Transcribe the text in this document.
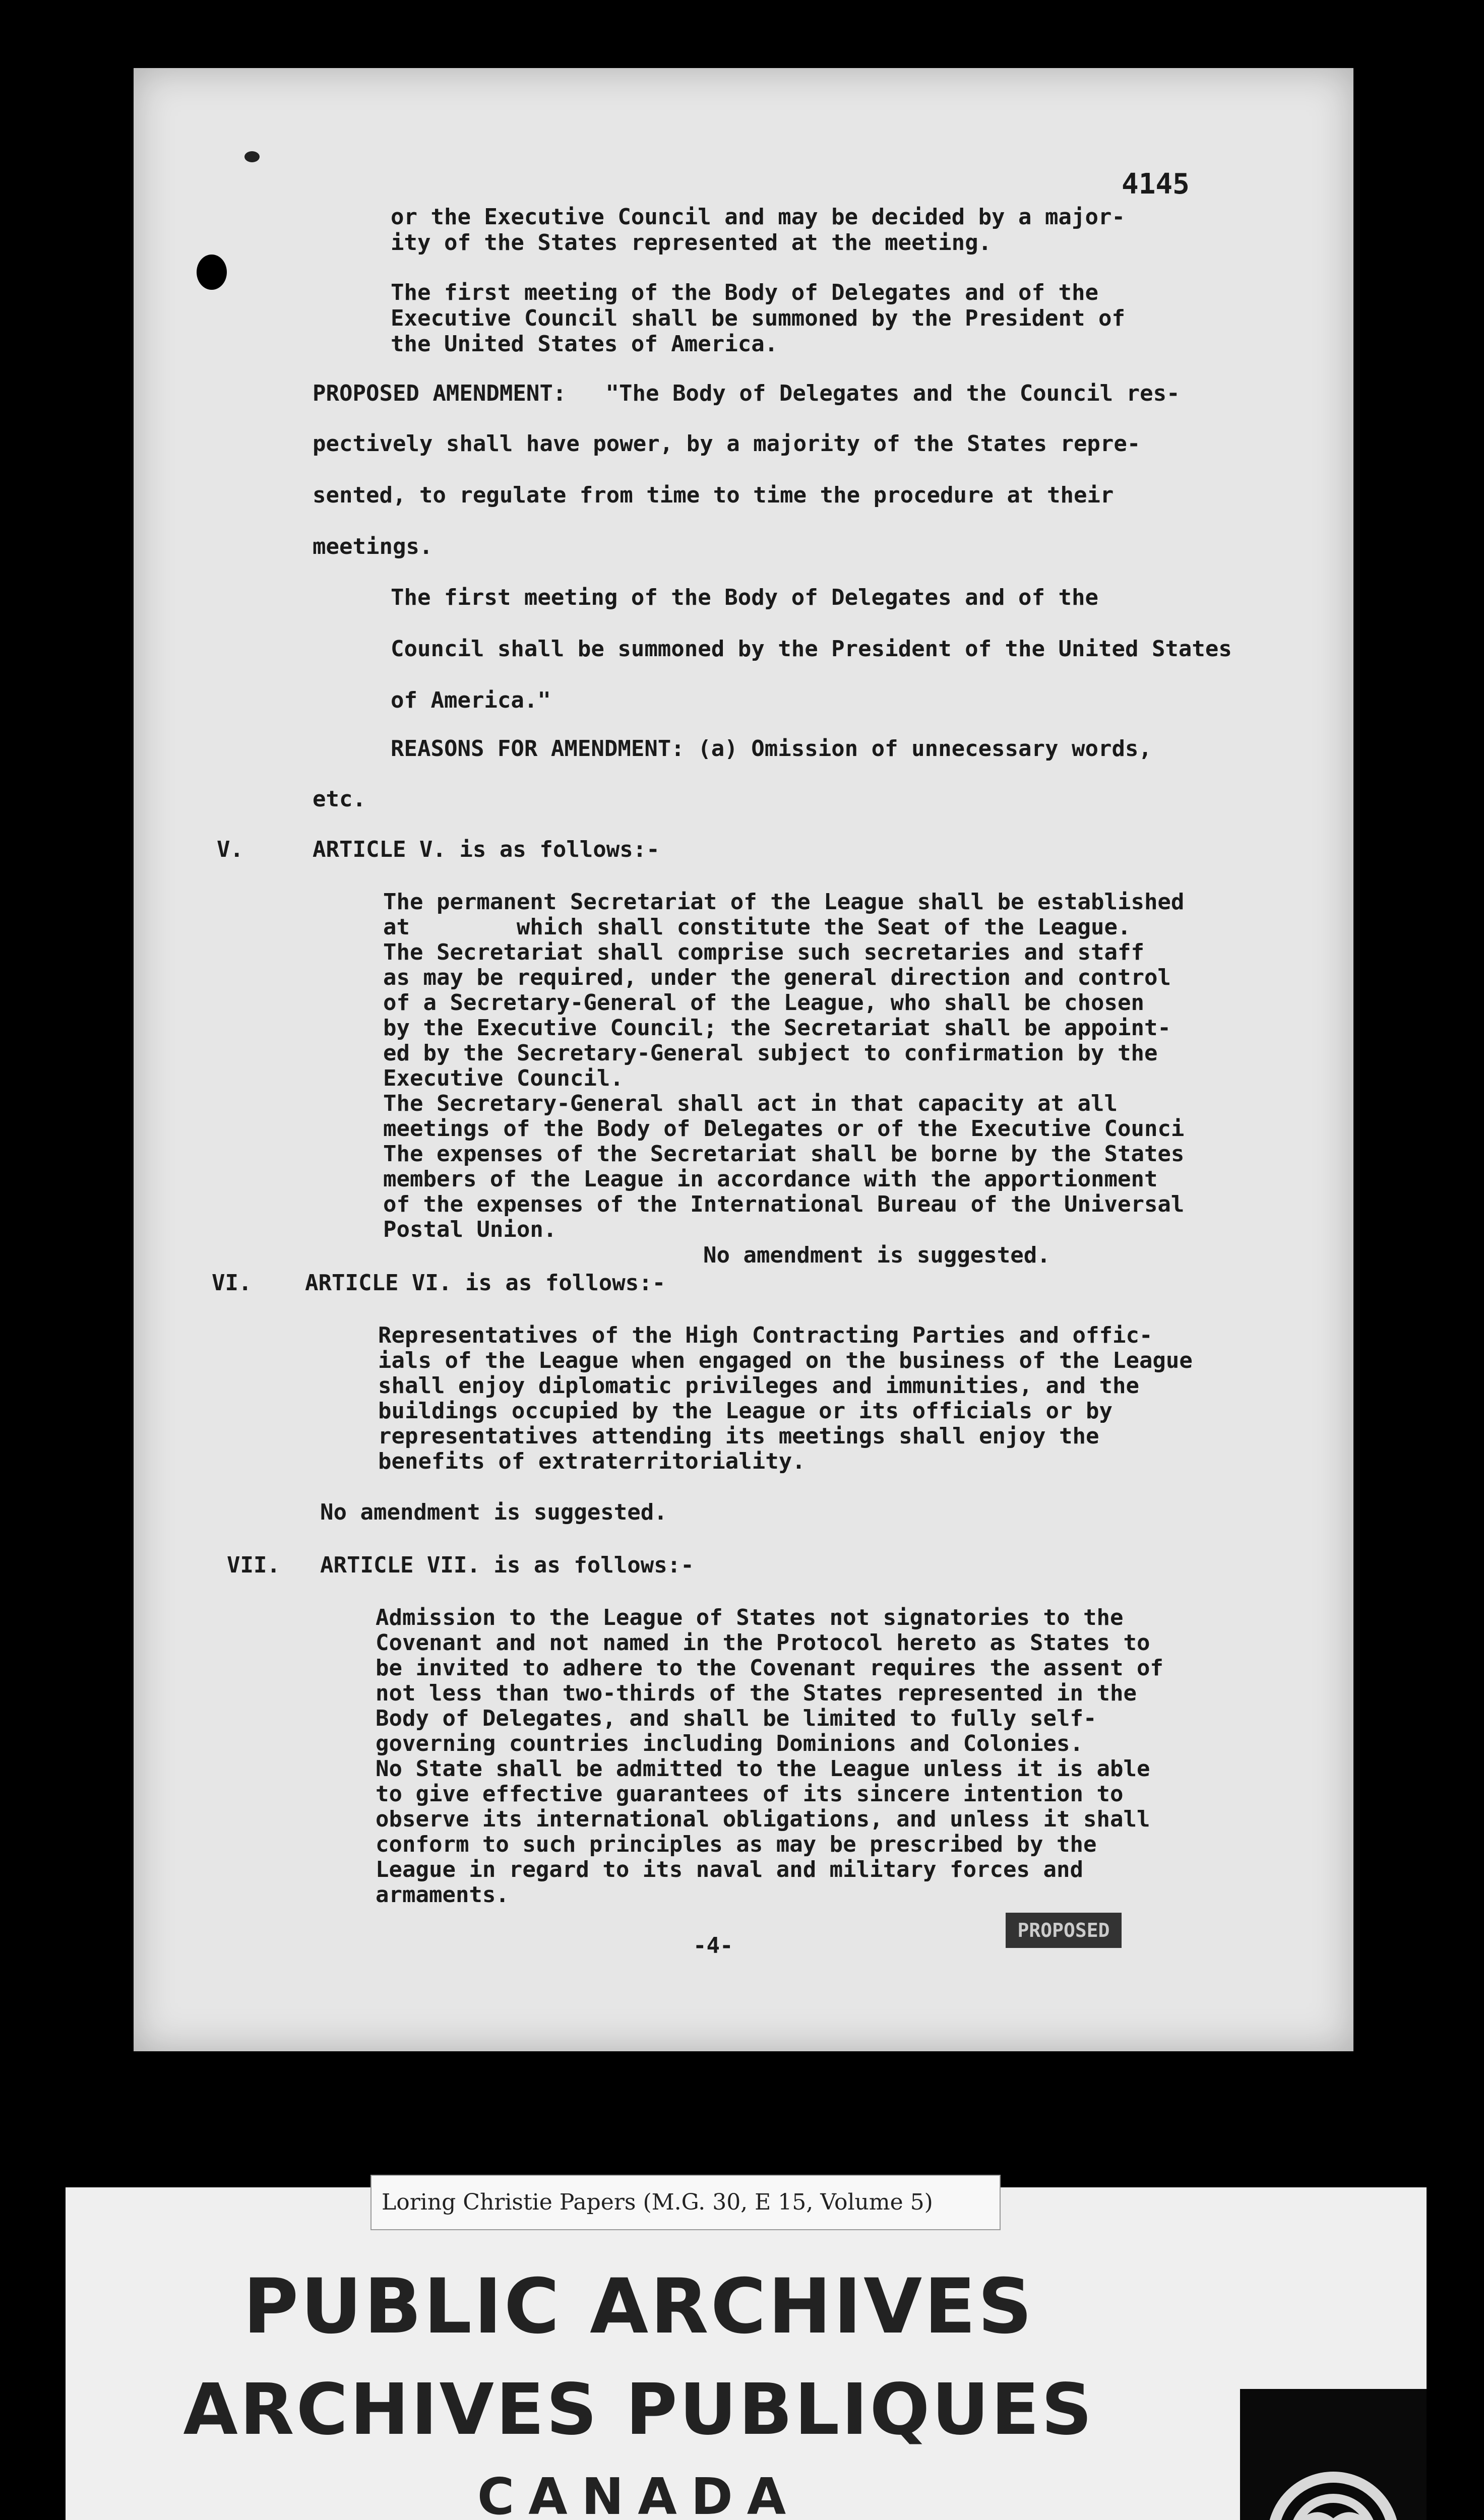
4145

or the Executive Council and may be decided by a major-
ity of the States represented at the meeting.

The first meeting of the Body of Delegates and of the
Executive Council shall be summoned by the President of
the United States of America.

PROPOSED AMENDMENT: "The Body of Delegates and the Council res-

pectively shall have power, by a majority of the States repre-

sented, to regulate from time to time the procedure at their

meetings.

The first meeting of the Body of Delegates and of the

Council shall be summoned by the President of the United States

of America."

REASONS FOR AMENDMENT: (a) Omission of unnecessary words,

etc.

V.	ARTICLE V. is as follows:-

The permanent Secretariat of the League shall be established
at        which shall constitute the Seat of the League.
The Secretariat shall comprise such secretaries and staff
as may be required, under the general direction and control
of a Secretary-General of the League, who shall be chosen
by the Executive Council; the Secretariat shall be appoint-
ed by the Secretary-General subject to confirmation by the
Executive Council.
The Secretary-General shall act in that capacity at all
meetings of the Body of Delegates or of the Executive Counci
The expenses of the Secretariat shall be borne by the States
members of the League in accordance with the apportionment
of the expenses of the International Bureau of the Universal
Postal Union.

No amendment is suggested.

VI. ARTICLE VI. is as follows:-

Representatives of the High Contracting Parties and offic-
ials of the League when engaged on the business of the League
shall enjoy diplomatic privileges and immunities, and the
buildings occupied by the League or its officials or by
representatives attending its meetings shall enjoy the
benefits of extraterritoriality.

No amendment is suggested.

VII. ARTICLE VII. is as follows:-

Admission to the League of States not signatories to the
Covenant and not named in the Protocol hereto as States to
be invited to adhere to the Covenant requires the assent of
not less than two-thirds of the States represented in the
Body of Delegates, and shall be limited to fully self-
governing countries including Dominions and Colonies.
No State shall be admitted to the League unless it is able
to give effective guarantees of its sincere intention to
observe its international obligations, and unless it shall
conform to such principles as may be prescribed by the
League in regard to its naval and military forces and
armaments.

-4-

PROPOSED
Loring Christie Papers (M.G. 30, E 15, Volume 5)
PUBLIC ARCHIVES
ARCHIVES PUBLIQUES
CANADA
